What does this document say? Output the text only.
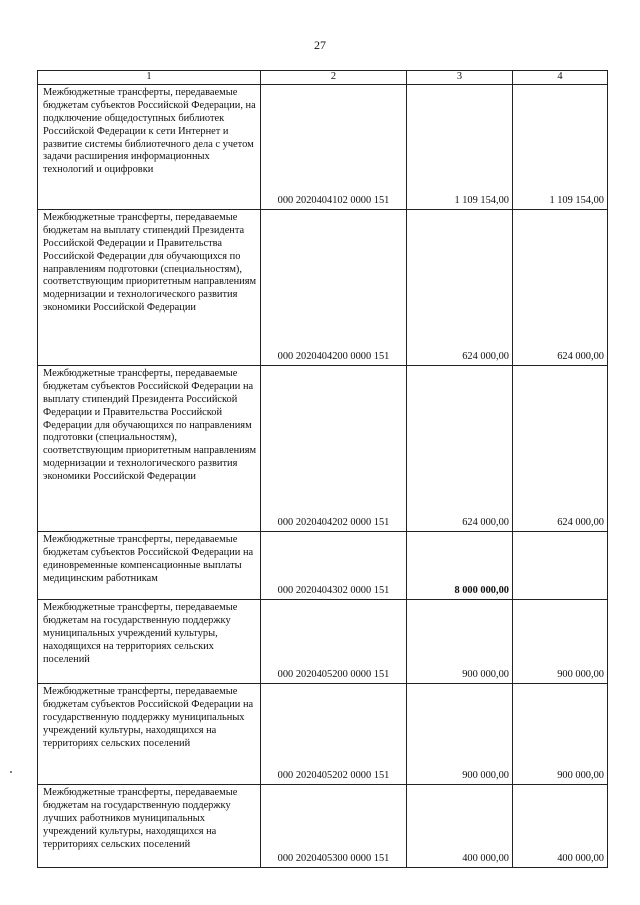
27
1	2	3	4
Межбюджетные трансферты, передаваемые бюджетам субъектов Российской Федерации, на подключение общедоступных библиотек Российской Федерации к сети Интернет и развитие системы библиотечного дела с учетом задачи расширения информационных технологий и оцифровки	000 2020404102 0000 151	1 109 154,00	1 109 154,00
Межбюджетные трансферты, передаваемые бюджетам на выплату стипендий Президента Российской Федерации и Правительства Российской Федерации для обучающихся по направлениям подготовки (специальностям), соответствующим приоритетным направлениям модернизации и технологического развития экономики Российской Федерации	000 2020404200 0000 151	624 000,00	624 000,00
Межбюджетные трансферты, передаваемые бюджетам субъектов Российской Федерации на выплату стипендий Президента Российской Федерации и Правительства Российской Федерации для обучающихся по направлениям подготовки (специальностям), соответствующим приоритетным направлениям модернизации и технологического развития экономики Российской Федерации	000 2020404202 0000 151	624 000,00	624 000,00
Межбюджетные трансферты, передаваемые бюджетам субъектов Российской Федерации на единовременные компенсационные выплаты медицинским работникам	000 2020404302 0000 151	8 000 000,00	
Межбюджетные трансферты, передаваемые бюджетам на государственную поддержку муниципальных учреждений культуры, находящихся на территориях сельских поселений	000 2020405200 0000 151	900 000,00	900 000,00
Межбюджетные трансферты, передаваемые бюджетам субъектов Российской Федерации на государственную поддержку муниципальных учреждений культуры, находящихся на территориях сельских поселений	000 2020405202 0000 151	900 000,00	900 000,00
Межбюджетные трансферты, передаваемые бюджетам на государственную поддержку лучших работников муниципальных учреждений культуры, находящихся на территориях сельских поселений	000 2020405300 0000 151	400 000,00	400 000,00
